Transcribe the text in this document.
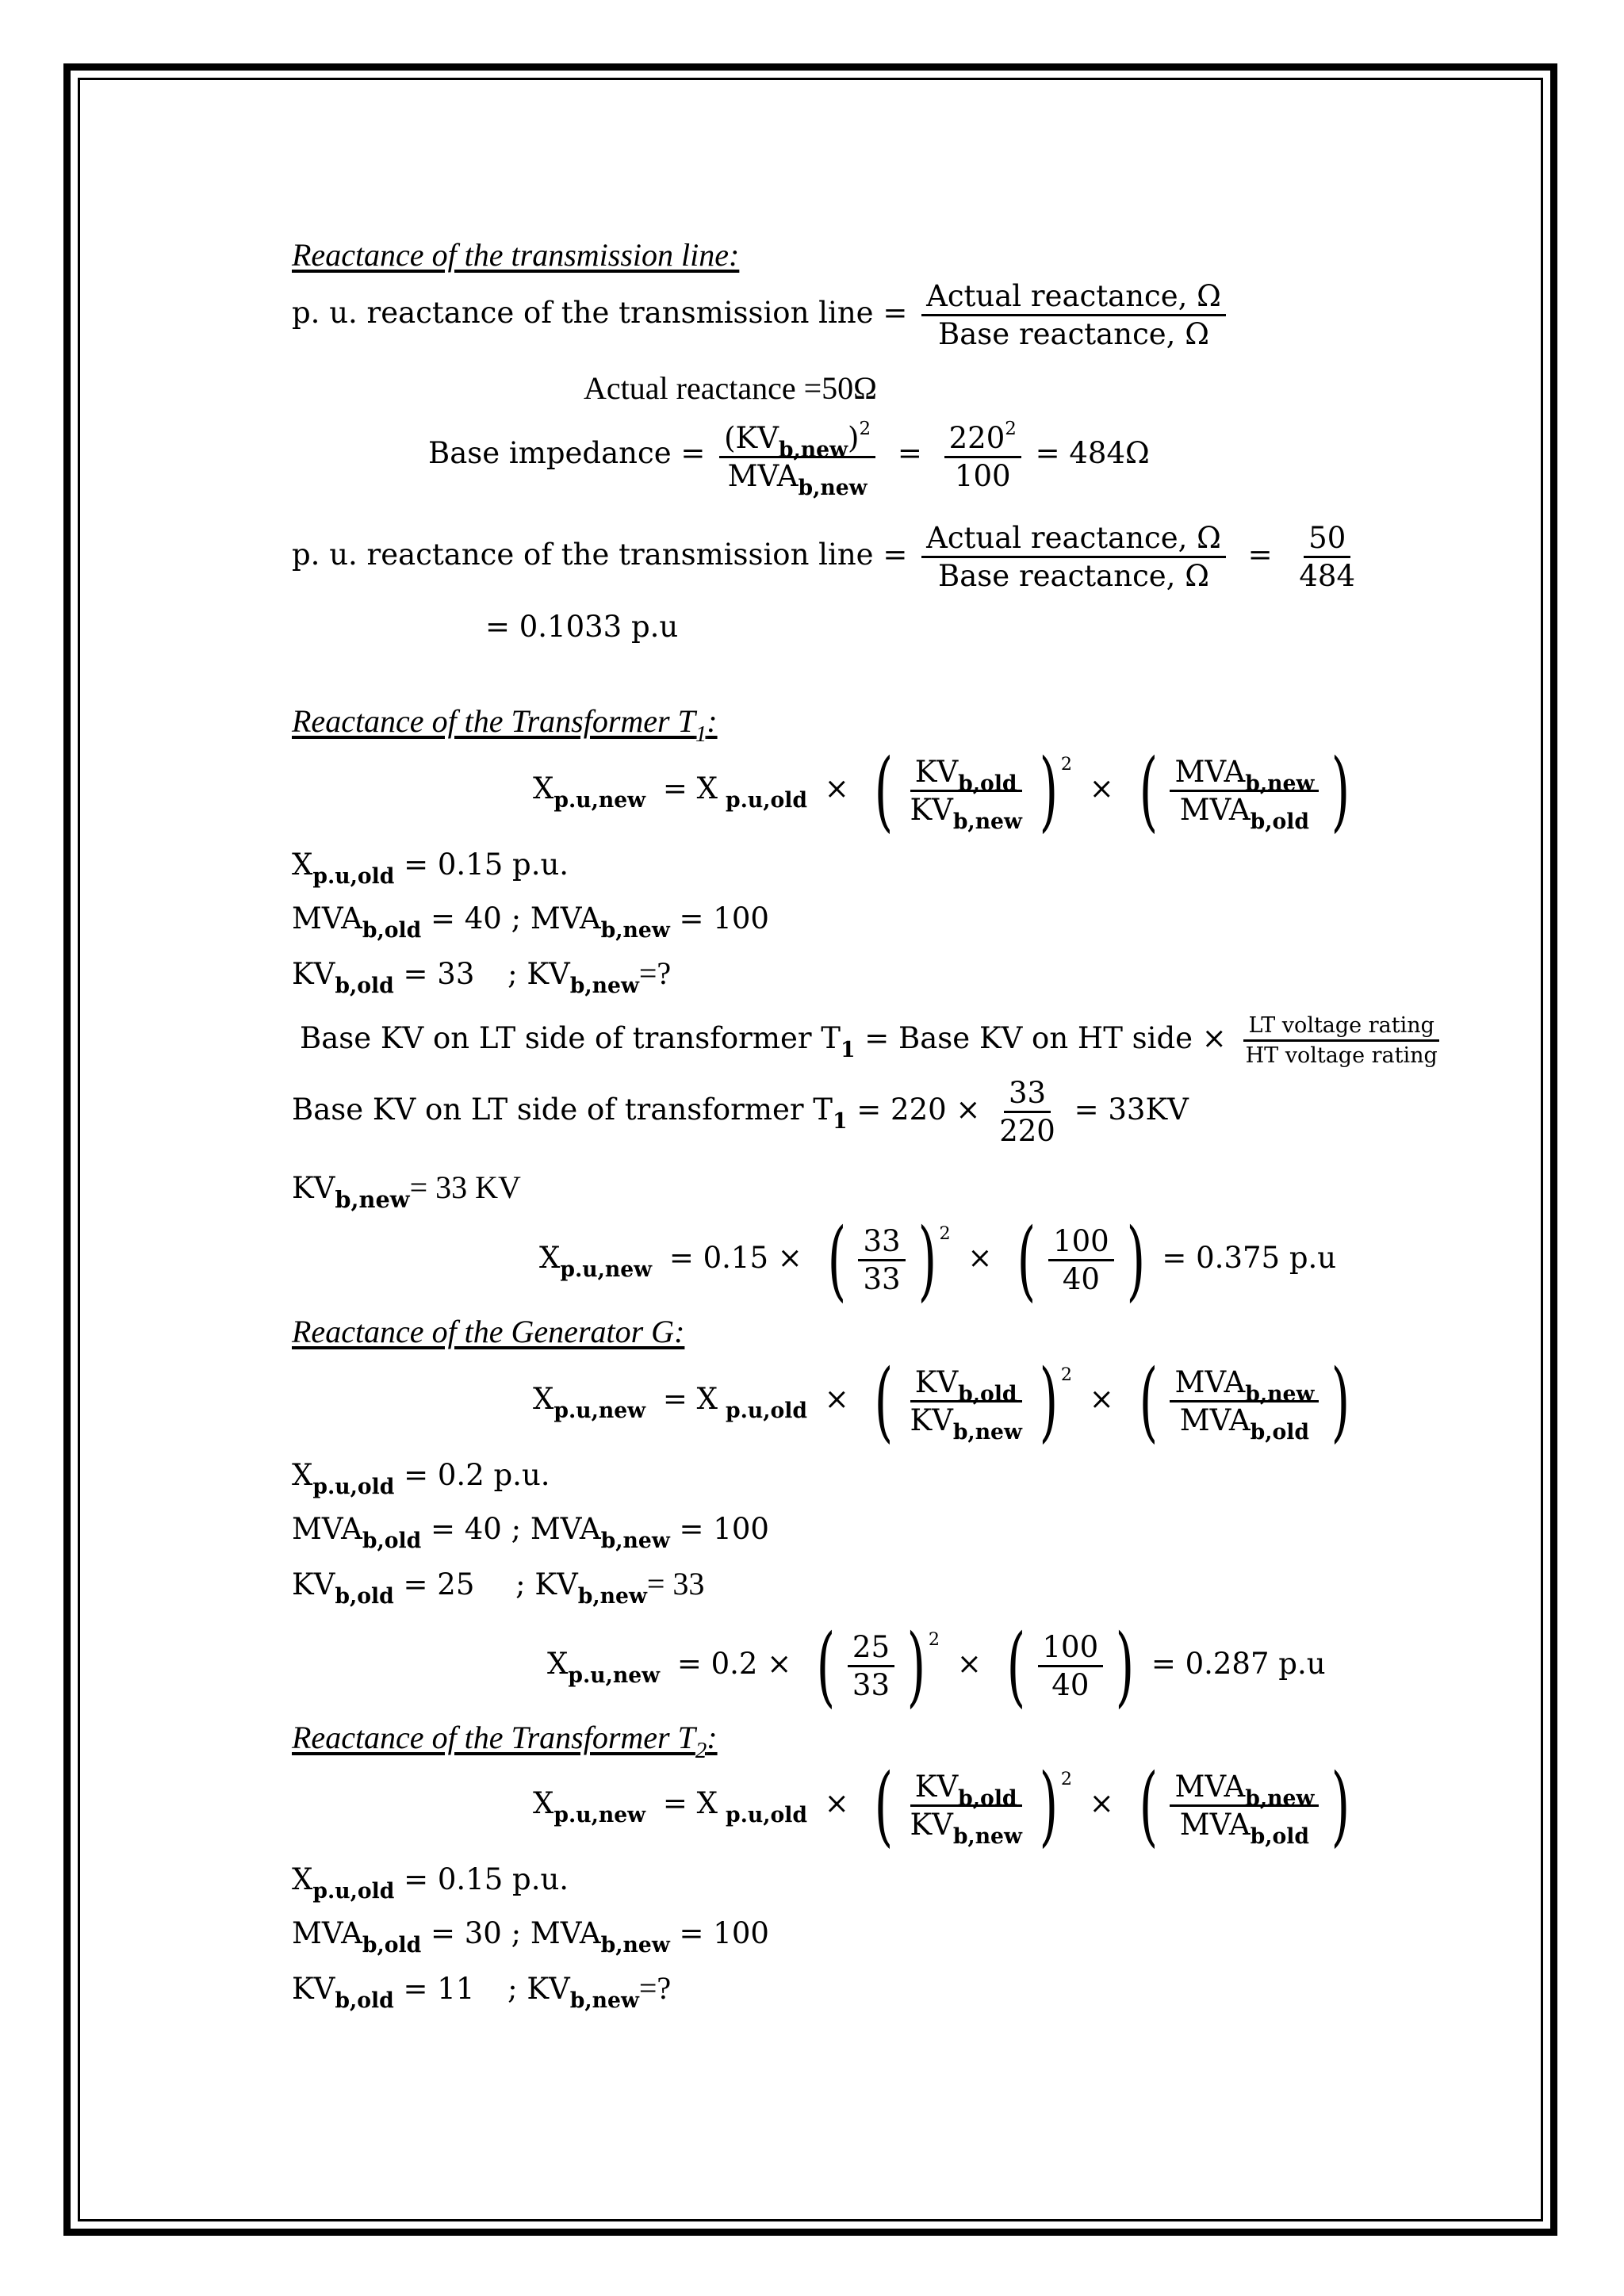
Reactance of the transmission line:
p. u. reactance of the transmission line = $\frac{\text{Actual reactance, Ω}}{\text{Base reactance, Ω}}$
Actual reactance =50Ω
Base impedance = $\frac{(KV_{b,new})^2}{MVA_{b,new}} = \frac{220^2}{100} = 484\Omega$
p. u. reactance of the transmission line = $\frac{\text{Actual reactance, Ω}}{\text{Base reactance, Ω}} = \frac{50}{484}$
= 0.1033 p.u
Reactance of the Transformer $T_1$:
$X_{p.u,new} = X$ $_{p.u,old}$ × ( $\frac{KV_{b,old}}{KV_{b,new}}$ ) $^2$ × ( $\frac{MVA_{b,new}}{MVA_{b,old}}$ )
$X_{p.u,old} = 0.15$ p.u.
$MVA_{b,old} = 40$ ; $MVA_{b,new} = 100$
$KV_{b,old} = 33$ ; $KV_{b,new}=$?
Base KV on LT side of transformer $T_1$ = Base KV on HT side × $\frac{\text{LT voltage rating}}{\text{HT voltage rating}}$
Base KV on LT side of transformer $T_1 = 220 \times \frac{33}{220} = 33KV$
$KV_{b,new}= 33$ KV
$X_{p.u,new} = 0.15$ × ( $\frac{33}{33}$ ) $^2$ × ( $\frac{100}{40}$ ) = 0.375 p.u
Reactance of the Generator G:
$X_{p.u,new} = X$ $_{p.u,old}$ × ( $\frac{KV_{b,old}}{KV_{b,new}}$ ) $^2$ × ( $\frac{MVA_{b,new}}{MVA_{b,old}}$ )
$X_{p.u,old} = 0.2$ p.u.
$MVA_{b,old} = 40$ ; $MVA_{b,new} = 100$
$KV_{b,old} = 25$ ; $KV_{b,new}= 33$
$X_{p.u,new} = 0.2$ × ( $\frac{25}{33}$ ) $^2$ × ( $\frac{100}{40}$ ) = 0.287 p.u
Reactance of the Transformer $T_2$:
$X_{p.u,new} = X$ $_{p.u,old}$ × ( $\frac{KV_{b,old}}{KV_{b,new}}$ ) $^2$ × ( $\frac{MVA_{b,new}}{MVA_{b,old}}$ )
$X_{p.u,old} = 0.15$ p.u.
$MVA_{b,old} = 30$ ; $MVA_{b,new} = 100$
$KV_{b,old} = 11$ ; $KV_{b,new}=$?
